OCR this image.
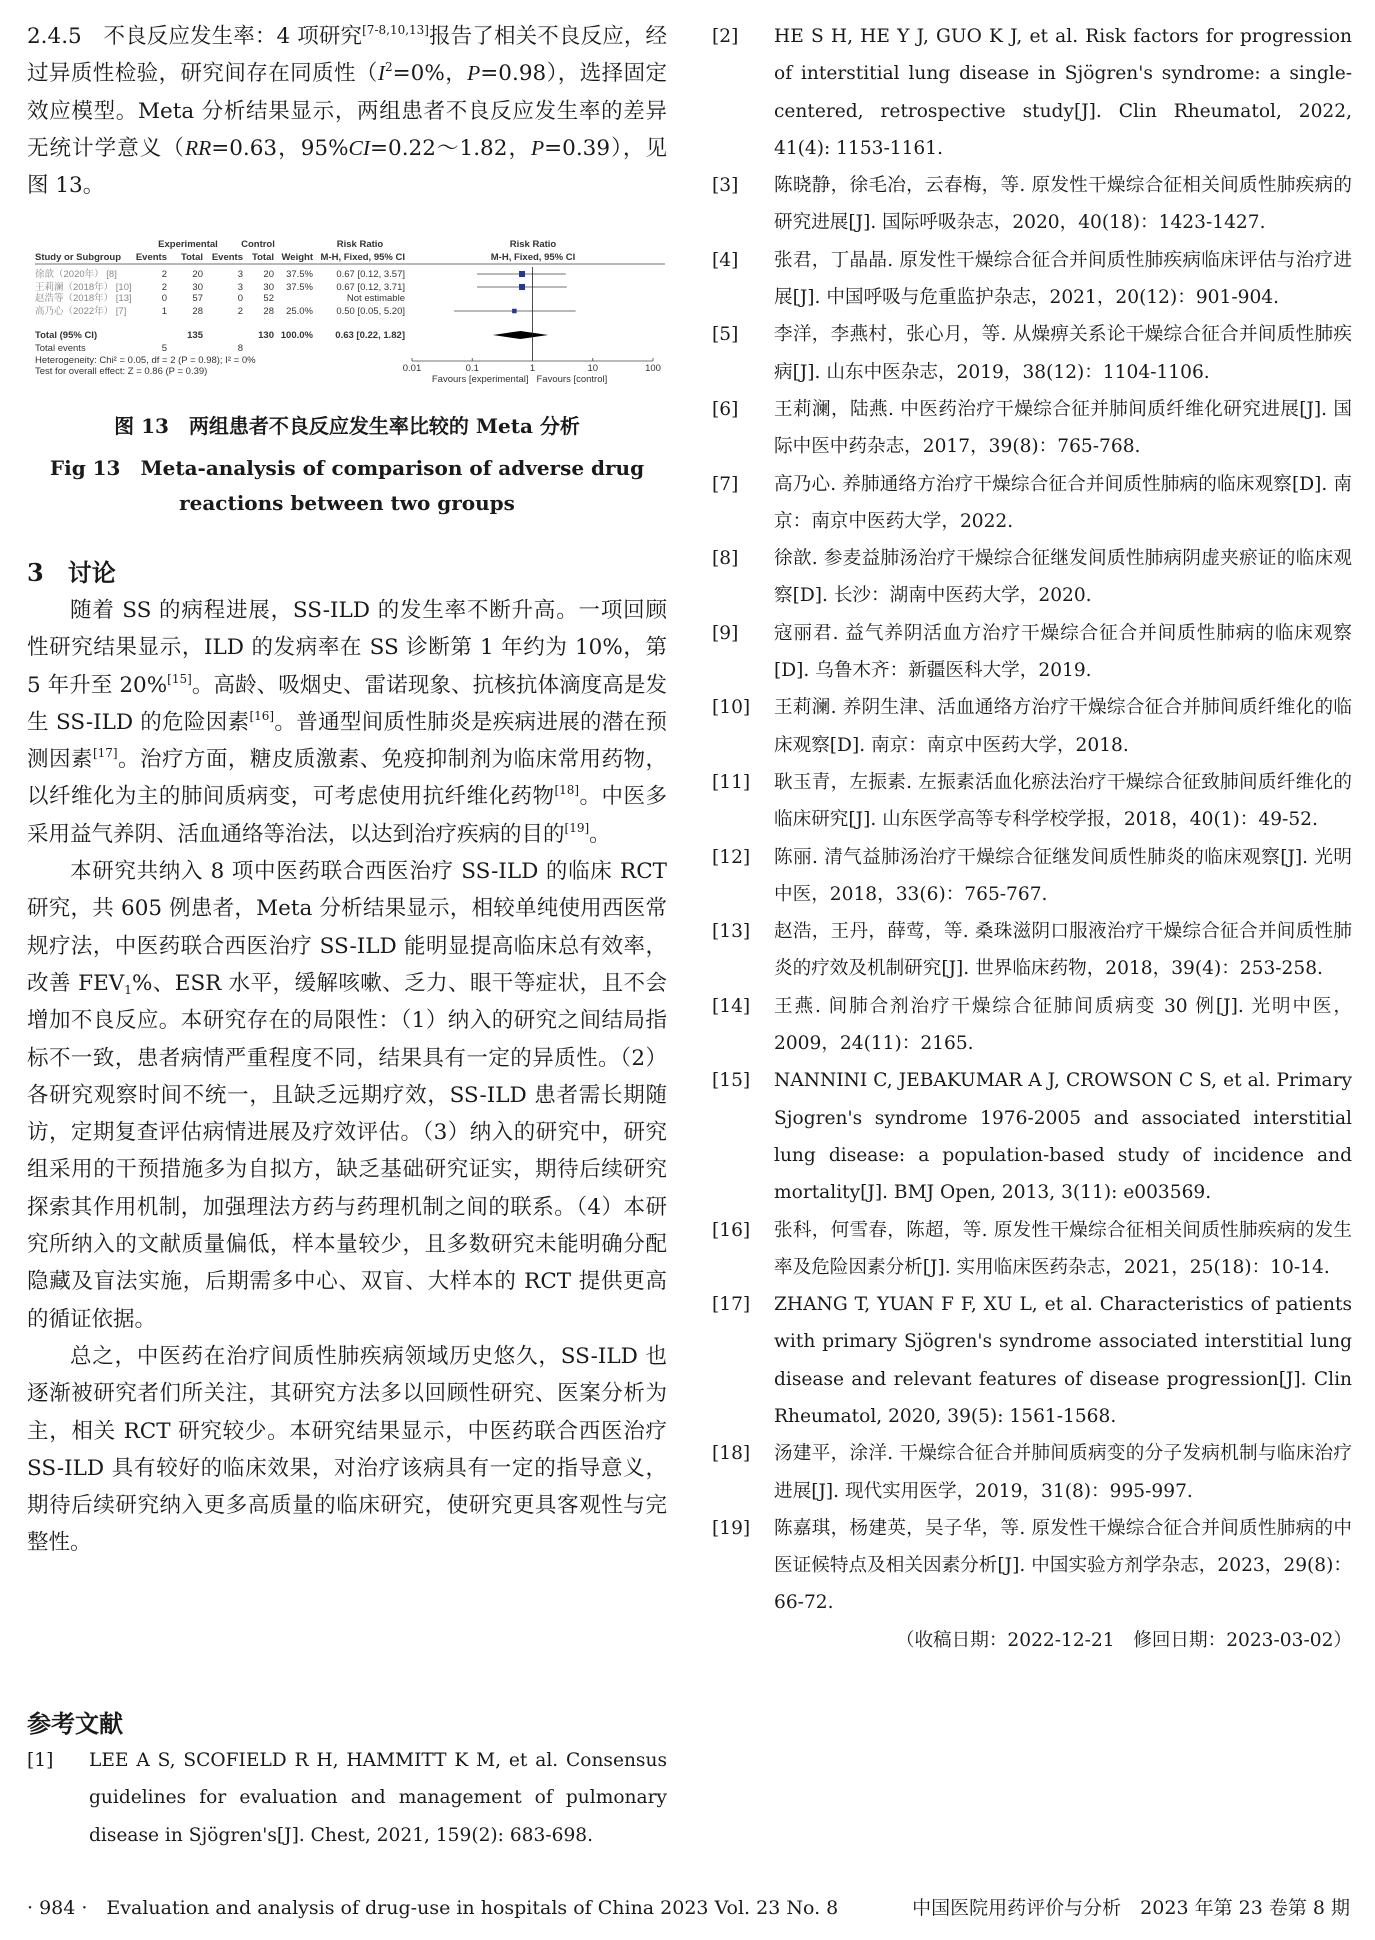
2.4.5　不良反应发生率：4 项研究[7-8,10,13]报告了相关不良反应，经过异质性检验，研究间存在同质性（$I^2=0\%$，P=0.98），选择固定效应模型。Meta 分析结果显示，两组患者不良反应发生率的差异无统计学意义（RR=0.63，95%CI=0.22～1.82，P=0.39），见图 13。

Experimental Control	Risk Ratio	Risk Ratio
Study or Subgroup Events Total Events Total Weight M-H, Fixed, 95% CI	M-H, Fixed, 95% CI
徐歆（2020年） [8]	2	20	3 20 37.5% 0.67 [0.12, 3.57]
王莉澜（2018年） [10]	2	30	3 30 37.5% 0.67 [0.12, 3.71]
赵浩等（2018年） [13]	0	57	0 52	Not estimable
高乃心（2022年） [7]	1	28	2 28 25.0% 0.50 [0.05, 5.20]
Total (95% CI)	135	130 100.0% 0.63 [0.22, 1.82]
Total events	5	8
Heterogeneity: Chi² = 0.05, df = 2 (P = 0.98); I² = 0%
Test for overall effect: Z = 0.86 (P = 0.39)	0.01	0.1	1	10	100
Favours [experimental] Favours [control]
图 13　两组患者不良反应发生率比较的 Meta 分析
Fig 13　Meta-analysis of comparison of adverse drug
reactions between two groups
3　讨论

随着 SS 的病程进展，SS-ILD 的发生率不断升高。一项回顾性研究结果显示，ILD 的发病率在 SS 诊断第 1 年约为 10%，第 5 年升至 20%[15]。高龄、吸烟史、雷诺现象、抗核抗体滴度高是发生 SS-ILD 的危险因素[16]。普通型间质性肺炎是疾病进展的潜在预测因素[17]。治疗方面，糖皮质激素、免疫抑制剂为临床常用药物，以纤维化为主的肺间质病变，可考虑使用抗纤维化药物[18]。中医多采用益气养阴、活血通络等治法，以达到治疗疾病的目的[19]。

本研究共纳入 8 项中医药联合西医治疗 SS-ILD 的临床 RCT 研究，共 605 例患者，Meta 分析结果显示，相较单纯使用西医常规疗法，中医药联合西医治疗 SS-ILD 能明显提高临床总有效率，改善 $FEV_1\%$、ESR 水平，缓解咳嗽、乏力、眼干等症状，且不会增加不良反应。本研究存在的局限性：（1）纳入的研究之间结局指标不一致，患者病情严重程度不同，结果具有一定的异质性。（2）各研究观察时间不统一，且缺乏远期疗效，SS-ILD 患者需长期随访，定期复查评估病情进展及疗效评估。（3）纳入的研究中，研究组采用的干预措施多为自拟方，缺乏基础研究证实，期待后续研究探索其作用机制，加强理法方药与药理机制之间的联系。（4）本研究所纳入的文献质量偏低，样本量较少，且多数研究未能明确分配隐藏及盲法实施，后期需多中心、双盲、大样本的 RCT 提供更高的循证依据。

总之，中医药在治疗间质性肺疾病领域历史悠久，SS-ILD 也逐渐被研究者们所关注，其研究方法多以回顾性研究、医案分析为主，相关 RCT 研究较少。本研究结果显示，中医药联合西医治疗 SS-ILD 具有较好的临床效果，对治疗该病具有一定的指导意义，期待后续研究纳入更多高质量的临床研究，使研究更具客观性与完整性。

参考文献
[1]	LEE A S, SCOFIELD R H, HAMMITT K M, et al. Consensus guidelines for evaluation and management of pulmonary disease in Sjögren's[J]. Chest, 2021, 159(2): 683-698.
[2]	HE S H, HE Y J, GUO K J, et al. Risk factors for progression of interstitial lung disease in Sjögren's syndrome: a single-centered, retrospective study[J]. Clin Rheumatol, 2022, 41(4): 1153-1161.
[3]	陈晓静，徐毛冶，云春梅，等. 原发性干燥综合征相关间质性肺疾病的研究进展[J]. 国际呼吸杂志，2020，40(18)：1423-1427.
[4]	张君，丁晶晶. 原发性干燥综合征合并间质性肺疾病临床评估与治疗进展[J]. 中国呼吸与危重监护杂志，2021，20(12)：901-904.
[5]	李洋，李燕村，张心月，等. 从燥痹关系论干燥综合征合并间质性肺疾病[J]. 山东中医杂志，2019，38(12)：1104-1106.
[6]	王莉澜，陆燕. 中医药治疗干燥综合征并肺间质纤维化研究进展[J]. 国际中医中药杂志，2017，39(8)：765-768.
[7]	高乃心. 养肺通络方治疗干燥综合征合并间质性肺病的临床观察[D]. 南京：南京中医药大学，2022.
[8]	徐歆. 参麦益肺汤治疗干燥综合征继发间质性肺病阴虚夹瘀证的临床观察[D]. 长沙：湖南中医药大学，2020.
[9]	寇丽君. 益气养阴活血方治疗干燥综合征合并间质性肺病的临床观察[D]. 乌鲁木齐：新疆医科大学，2019.
[10]	王莉澜. 养阴生津、活血通络方治疗干燥综合征合并肺间质纤维化的临床观察[D]. 南京：南京中医药大学，2018.
[11]	耿玉青，左振素. 左振素活血化瘀法治疗干燥综合征致肺间质纤维化的临床研究[J]. 山东医学高等专科学校学报，2018，40(1)：49-52.
[12]	陈丽. 清气益肺汤治疗干燥综合征继发间质性肺炎的临床观察[J]. 光明中医，2018，33(6)：765-767.
[13]	赵浩，王丹，薛莺，等. 桑珠滋阴口服液治疗干燥综合征合并间质性肺炎的疗效及机制研究[J]. 世界临床药物，2018，39(4)：253-258.
[14]	王燕. 间肺合剂治疗干燥综合征肺间质病变 30 例[J]. 光明中医，2009，24(11)：2165.
[15]	NANNINI C, JEBAKUMAR A J, CROWSON C S, et al. Primary Sjogren's syndrome 1976-2005 and associated interstitial lung disease: a population-based study of incidence and mortality[J]. BMJ Open, 2013, 3(11): e003569.
[16]	张科，何雪春，陈超，等. 原发性干燥综合征相关间质性肺疾病的发生率及危险因素分析[J]. 实用临床医药杂志，2021，25(18)：10-14.
[17]	ZHANG T, YUAN F F, XU L, et al. Characteristics of patients with primary Sjögren's syndrome associated interstitial lung disease and relevant features of disease progression[J]. Clin Rheumatol, 2020, 39(5): 1561-1568.
[18]	汤建平，涂洋. 干燥综合征合并肺间质病变的分子发病机制与临床治疗进展[J]. 现代实用医学，2019，31(8)：995-997.
[19]	陈嘉琪，杨建英，吴子华，等. 原发性干燥综合征合并间质性肺病的中医证候特点及相关因素分析[J]. 中国实验方剂学杂志，2023，29(8)：66-72.
（收稿日期：2022-12-21　修回日期：2023-03-02）
· 984 ·　Evaluation and analysis of drug-use in hospitals of China 2023 Vol. 23 No. 8	中国医院用药评价与分析　2023 年第 23 卷第 8 期
